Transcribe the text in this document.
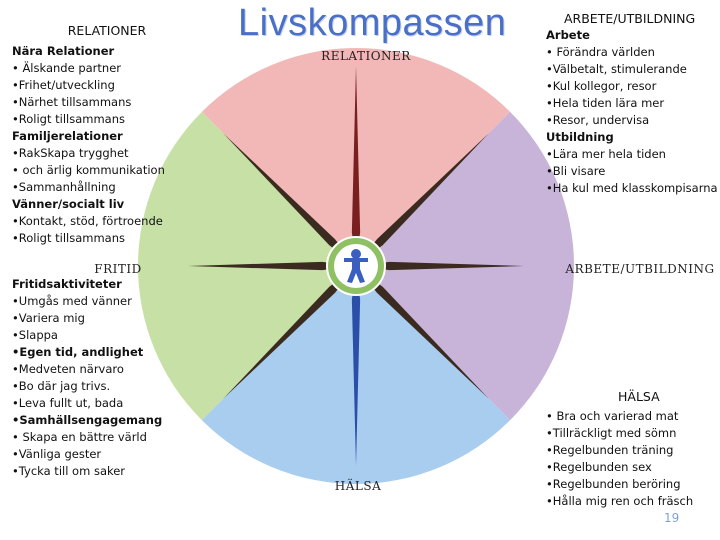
RELATIONER
FRITID	ARBETE/UTBILDNING
HÄLSA
Livskompassen
RELATIONER
Nära Relationer
• Älskande partner
•Frihet/utveckling
•Närhet tillsammans
•Roligt tillsammans
Familjerelationer
•RakSkapa trygghet
• och ärlig kommunikation
•Sammanhållning
Vänner/socialt liv
•Kontakt, stöd, förtroende
•Roligt tillsammans
Fritidsaktiviteter
•Umgås med vänner
•Variera mig
•Slappa
•Egen tid, andlighet
•Medveten närvaro
•Bo där jag trivs.
•Leva fullt ut, bada
•Samhällsengagemang
• Skapa en bättre värld
•Vänliga gester
•Tycka till om saker
ARBETE/UTBILDNING
Arbete
• Förändra världen
•Välbetalt, stimulerande
•Kul kollegor, resor
•Hela tiden lära mer
•Resor, undervisa
Utbildning
•Lära mer hela tiden
•Bli visare
•Ha kul med klasskompisarna
HÄLSA
• Bra och varierad mat
•Tillräckligt med sömn
•Regelbunden träning
•Regelbunden sex
•Regelbunden beröring
•Hålla mig ren och fräsch
19
